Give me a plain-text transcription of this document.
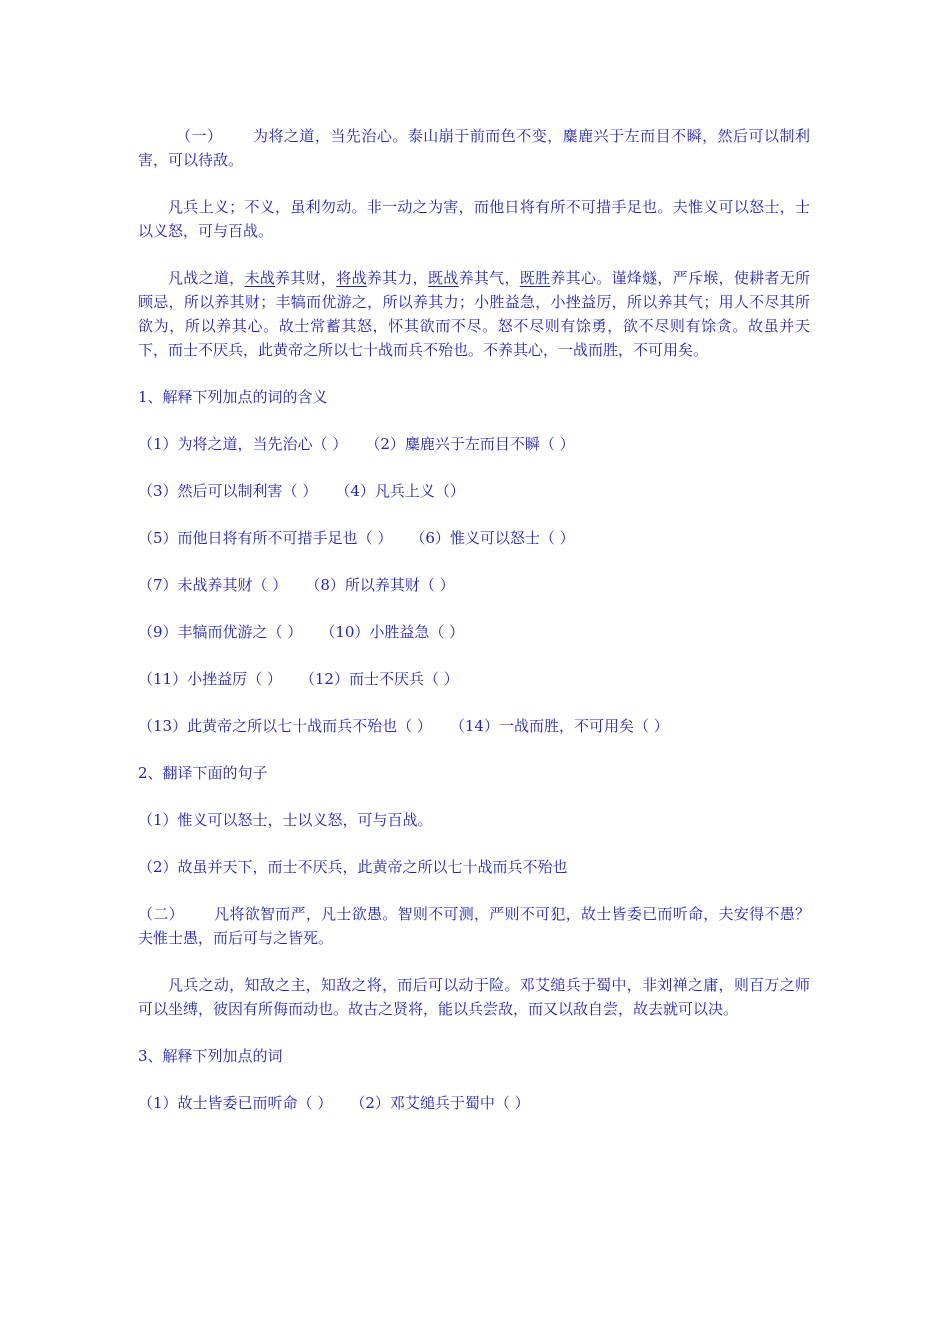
（一） 为将之道，当先治心。泰山崩于前而色不变，麋鹿兴于左而目不瞬，然后可以制利害，可以待敌。

凡兵上义；不义，虽利勿动。非一动之为害，而他日将有所不可措手足也。夫惟义可以怒士，士以义怒，可与百战。

凡战之道，未战养其财，将战养其力，既战养其气，既胜养其心。谨烽燧，严斥堠，使耕者无所顾忌，所以养其财；丰犒而优游之，所以养其力；小胜益急，小挫益厉，所以养其气；用人不尽其所欲为，所以养其心。故士常蓄其怒，怀其欲而不尽。怒不尽则有馀勇，欲不尽则有馀贪。故虽并天下，而士不厌兵，此黄帝之所以七十战而兵不殆也。不养其心，一战而胜，不可用矣。

1、解释下列加点的词的含义

（1）为将之道，当先治心（ ） （2）麋鹿兴于左而目不瞬（ ）

（3）然后可以制利害（ ） （4）凡兵上义（）

（5）而他日将有所不可措手足也（ ） （6）惟义可以怒士（ ）

（7）未战养其财（ ） （8）所以养其财（ ）

（9）丰犒而优游之（ ） （10）小胜益急（ ）

（11）小挫益厉（ ） （12）而士不厌兵（ ）

（13）此黄帝之所以七十战而兵不殆也（ ） （14）一战而胜，不可用矣（ ）

2、翻译下面的句子

（1）惟义可以怒士，士以义怒，可与百战。

（2）故虽并天下，而士不厌兵，此黄帝之所以七十战而兵不殆也

（二） 凡将欲智而严，凡士欲愚。智则不可测，严则不可犯，故士皆委已而听命，夫安得不愚？夫惟士愚，而后可与之皆死。

凡兵之动，知敌之主，知敌之将，而后可以动于险。邓艾缒兵于蜀中，非刘禅之庸，则百万之师可以坐缚，彼因有所侮而动也。故古之贤将，能以兵尝敌，而又以敌自尝，故去就可以决。

3、解释下列加点的词

（1）故士皆委已而听命（ ） （2）邓艾缒兵于蜀中（ ）
